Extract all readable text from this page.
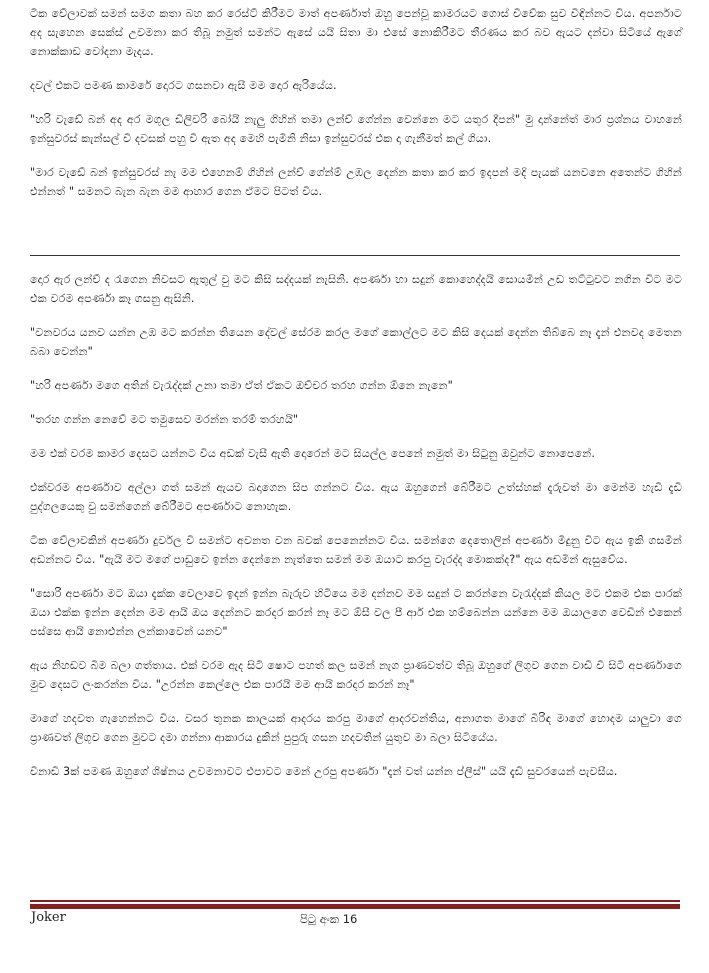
ටික වේලාවක් සමන් සමග කතා බහ කර රෙස්ට් කිරීමට මාත් අපර්ණාත් ඔහු පෙන්වූ කාමරයට ගොස් විවේක සුව විඳින්නට විය. අපර්නාට අද සැහෙන සෙක්ස් උවමනා කර තිබූ නමුත් සමන්ට ඇසේ යයි සිතා මා එසේ නොකිරීමට තීරණය කර බව ඇයට දන්වා සිටියේ ඇගේ නොක්කාඩ වෝදනා මැදය.

දවල් එකට පමණ කාමරේ දොරට ගසනවා ඇසී මම දොර ඇරියේය.

"හරි වැඩේ බන් අද අර මගුල ඩිලිවරි බෝයි නැලු ගිහින් තමා ලන්ච් ගේන්න වෙන්නෙ මට යතුර දීපන්" මු දාන්නේත් මාර ප්‍රශ්නය වාහනේ ඉන්සුවරස් කැන්සල් වී දවසක් පහු වී ඇත අද මෙහි පැමිනි නිසා ඉන්සුවරස් එක දා ගැනීමත් කල් ගියා.

"මාර වැඩේ බන් ඉන්සුවරස් නැ මම එහෙනම් ගිහින් ලන්ච් ගේන්ම් උඹල දෙන්න කතා කර කර ඉදපන් මදි පැයක් යනවනෙ අතෙන්ට ගිහින් එන්නත් " සමනට බැන බැන මම ආහාර ගෙන ඒමට පිටත් විය.

දොර ඇර ලන්ච් ද රැගෙන නිවසට ඇතුල් වු මට කිසි සද්දයක් නැසිනි. අපර්ණා හා සදුන් කොහෙද්දයි සොයමින් උඩ තට්ටුවට නගින විට මට එක වරම අපර්ණා කෑ ගසනු ඇසිනි.

"වනවරය යනව යන්න උඹ මට කරන්න තියෙන දේවල් සේරම කරල මගේ කොල්ලට මට කිසි දෙයක් දෙන්න තිබ්බෙ නෑ දැන් එනවද මෙතන බබා වෙන්න"

"හරි අපර්ණා මගෙ අතින් වැරැද්දක් උනා තමා ඒත් ඒකට ඔච්චර තරහ ගන්න ඕනෙ නැනෙ"

"තරහ ගන්න නෙවේ මට තමුසෙව මරන්න තරම් තරහයි"

මම එක් වරම කාමර දෙසට යන්නට විය අඩක් වැසී ඇති දොරෙන් මට සියල්ල පෙනේ නමුත් මා සිටුනු ඔවුන්ට නොපෙනේ.

එක්වරම අපර්ණාව අල්ලා ගත් සමන් ඇයව බදාගෙන සිප ගන්නට විය. ඇය ඔහුගෙන් බේරීමට උත්ස්හක් දැරුවත් මා මෙන්ම හැඩි දැඩි පුද්ගලයෙකු වු සමන්ගෙන් බේරීමට අපර්ණාට නොහැක.

ටික වේලාවකින් අපර්ණා දුර්වල වී සමන්ට අවනත වන බවක් පෙනෙන්නට විය. සමන්ගෙ දෙතොලින් අපර්ණා මිදුනු විට ඇය ඉකි ගසමින් අඩන්නට විය. "ඇයි මට මගේ පාඩුවෙ ඉන්න දෙන්නෙ නැත්තෙ සමන් මම ඔයාට කරපු වැරද්ද මොකක්ද?" ඇය අඩමින් ඇසුවේය.

"සොරි අපර්ණා මට ඔයා දැක්ක වෙලාවෙ ඉදන් ඉන්න බැරුව හිටියෙ මම දන්නව මම සදුන් ට කරන්නෙ වැරැද්දක් කියල මට එකම එක පාරක් ඔයා එක්ක ඉන්න දෙන්න මම ආයි ඔය දෙන්නට කරදර කරන් නෑ මට ඕසී වල පී ආර් එක හම්බෙන්න යන්නෙ මම ඔයාලගෙ වෙඩින් එකෙන් පස්සෙ ආයි නොඑන්න ලන්කාවෙන් යනව"

ඇය නිහඩව බිම බලා ගත්තාය. එක් වරම ඇද සිටි ෂොට පහත් කල සමන් නැග ප්‍රාණවත්ව තිබූ ඔහුගේ ලිගුව ගෙන වාඩි වී සිටි අපර්ණාගෙ මුව දෙසට ලංකරන්න විය. "උරන්න කෙල්ලෙ එක පාරයි මම ආයි කරදර කරන් නෑ"

මාගේ හදවත ගැහෙන්නට විය. වසර තුනක කාලයක් ආදරය කරපු මාගේ ආදරවන්තිය, අනාගත මාගේ බිරිඳ මාගේ හොදම යාලුවා ගෙ ප්‍රාණවත් ලිගුව ගෙන මුවට දමා ගන්නා ආකාරය දුකින් පුපුරු ගසන හදවතින් යුතුව මා බලා සිටියේය.

විනාඩි 3ක් පමණ ඔහුගේ ශිෂ්නය උවමනාවට එපාවට මෙන් උරපු අපර්ණා "දැන් වත් යන්න ප්ලීස්" යයි දැඩි සුවරයෙන් පැවසීය.

Joker	පිටු අංක 16
